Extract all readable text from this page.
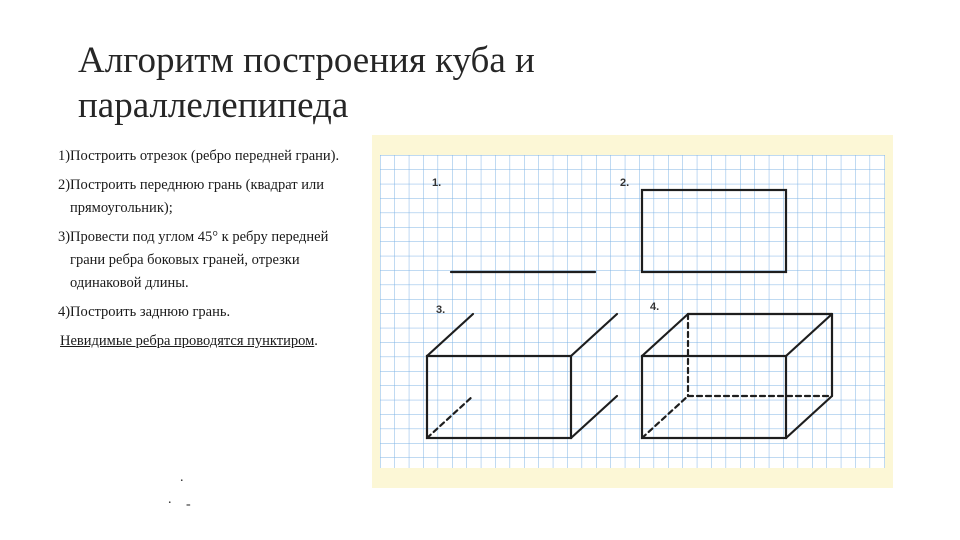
Алгоритм построения куба и параллелепипеда
1) Построить отрезок (ребро передней грани).
2) Построить переднюю грань (квадрат или прямоугольник);
3) Провести под углом 45° к ребру передней грани ребра боковых граней, отрезки одинаковой длины.
4) Построить заднюю грань.
Невидимые ребра проводятся пунктиром.
.
. -
1.	2.
3.	4.
